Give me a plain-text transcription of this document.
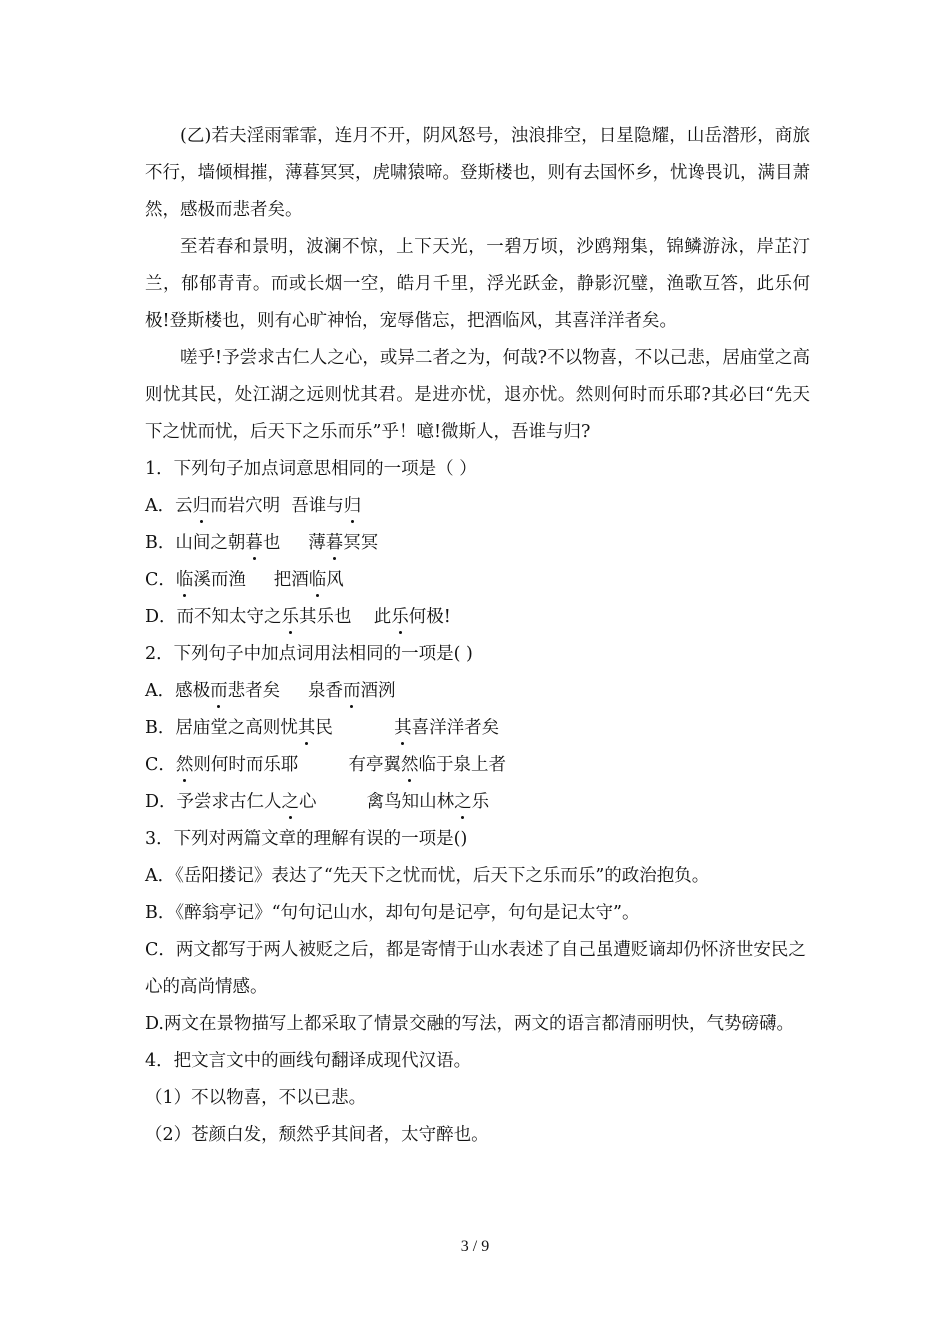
(乙)若夫淫雨霏霏，连月不开，阴风怒号，浊浪排空，日星隐耀，山岳潜形，商旅不行，墙倾楫摧，薄暮冥冥，虎啸猿啼。登斯楼也，则有去国怀乡，忧谗畏讥，满目萧然，感极而悲者矣。

至若春和景明，波澜不惊，上下天光，一碧万顷，沙鸥翔集，锦鳞游泳，岸芷汀兰，郁郁青青。而或长烟一空，皓月千里，浮光跃金，静影沉璧，渔歌互答，此乐何极!登斯楼也，则有心旷神怡，宠辱偕忘，把酒临风，其喜洋洋者矣。

嗟乎!予尝求古仁人之心，或异二者之为，何哉?不以物喜，不以己悲，居庙堂之高则忧其民，处江湖之远则忧其君。是进亦忧，退亦忧。然则何时而乐耶?其必曰“先天下之忧而忧，后天下之乐而乐”乎！噫!微斯人，吾谁与归?

1．下列句子加点词意思相同的一项是（ ）

A．云归而岩穴明  吾谁与归

B．山间之朝暮也     薄暮冥冥

C．临溪而渔     把酒临风

D．而不知太守之乐其乐也    此乐何极!

2．下列句子中加点词用法相同的一项是( )

A．感极而悲者矣     泉香而酒洌

B．居庙堂之高则忧其民           其喜洋洋者矣

C．然则何时而乐耶         有亭翼然临于泉上者

D．予尝求古仁人之心         禽鸟知山林之乐

3．下列对两篇文章的理解有误的一项是()

A．《岳阳搂记》表达了“先天下之忧而忧，后天下之乐而乐”的政治抱负。

B．《醉翁亭记》“句句记山水，却句句是记亭，句句是记太守”。

C．两文都写于两人被贬之后，都是寄情于山水表述了自己虽遭贬谪却仍怀济世安民之心的高尚情感。

D.两文在景物描写上都采取了情景交融的写法，两文的语言都清丽明快，气势磅礴。

4．把文言文中的画线句翻译成现代汉语。

（1）不以物喜，不以已悲。

（2）苍颜白发，颓然乎其间者，太守醉也。

3 / 9
